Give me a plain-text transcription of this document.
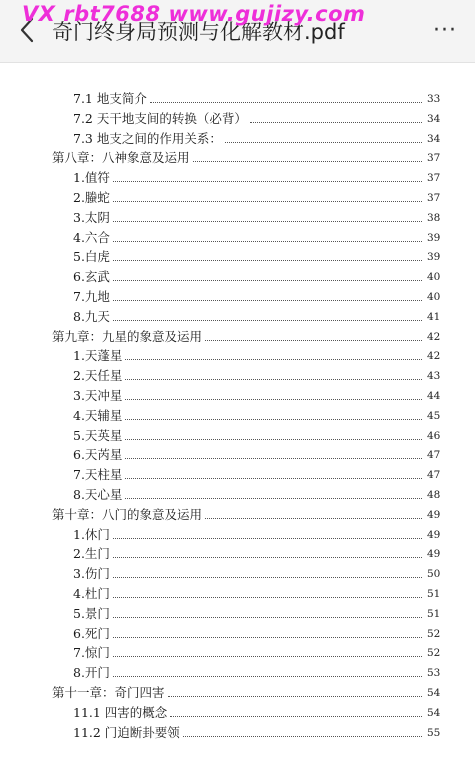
奇门终身局预测与化解教材.pdf	···
VX rbt7688 www.gujizy.com
7.1 地支简介	33
7.2 天干地支间的转换（必背）	34
7.3 地支之间的作用关系：	34
第八章：八神象意及运用	37
1.值符	37
2.螣蛇	37
3.太阴	38
4.六合	39
5.白虎	39
6.玄武	40
7.九地	40
8.九天	41
第九章：九星的象意及运用	42
1.天蓬星	42
2.天任星	43
3.天冲星	44
4.天辅星	45
5.天英星	46
6.天芮星	47
7.天柱星	47
8.天心星	48
第十章：八门的象意及运用	49
1.休门	49
2.生门	49
3.伤门	50
4.杜门	51
5.景门	51
6.死门	52
7.惊门	52
8.开门	53
第十一章：奇门四害	54
11.1 四害的概念	54
11.2 门迫断卦要领	55
